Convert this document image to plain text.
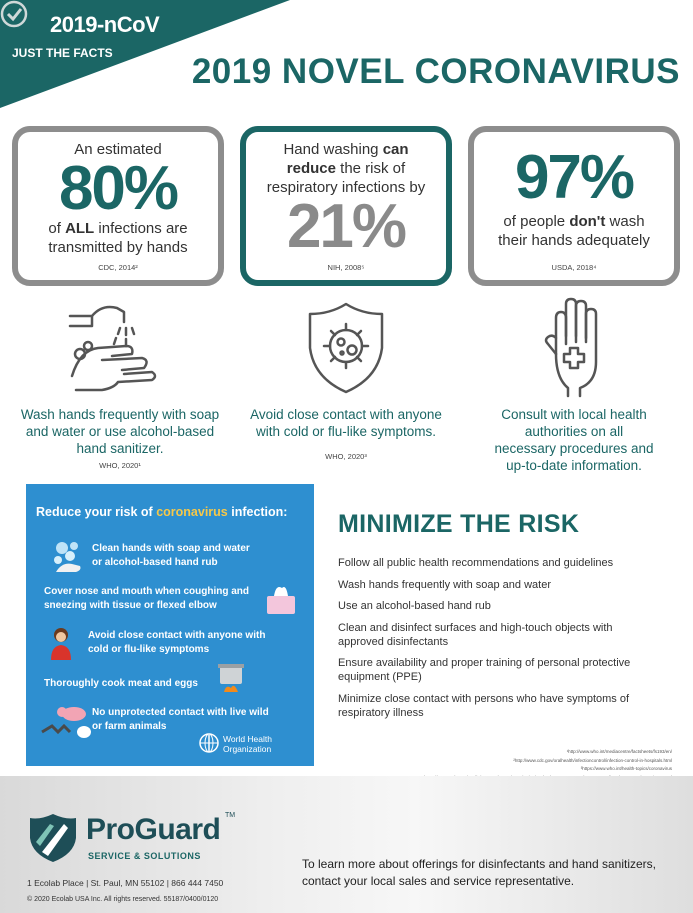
2019-nCoV
JUST THE FACTS	2019 NOVEL CORONAVIRUS
An estimated
80%
of ALL infections are
transmitted by hands
CDC, 2014²
Hand washing can
reduce the risk of
respiratory infections by
21%
NIH, 2008⁵
97%
of people don't wash
their hands adequately
USDA, 2018⁴
Wash hands frequently with soap
and water or use alcohol-based
hand sanitizer.
WHO, 2020¹
Avoid close contact with anyone
with cold or flu-like symptoms.
WHO, 2020³
Consult with local health
authorities on all
necessary procedures and
up-to-date information.
Reduce your risk of coronavirus infection:
Clean hands with soap and water
or alcohol-based hand rub
Cover nose and mouth when coughing and
sneezing with tissue or flexed elbow
Avoid close contact with anyone with
cold or flu-like symptoms
Thoroughly cook meat and eggs
No unprotected contact with live wild
or farm animals
World Health
Organization
MINIMIZE THE RISK
Follow all public health recommendations and guidelines
Wash hands frequently with soap and water
Use an alcohol-based hand rub
Clean and disinfect surfaces and high-touch objects with approved disinfectants
Ensure availability and proper training of personal protective equipment (PPE)
Minimize close contact with persons who have symptoms of respiratory illness
¹http://www.who.int/mediacentre/factsheets/fs193/en/
²http://www.cdc.gov/oralhealth/infectioncontrol/infection-control-in-hospitals.html
³https://www.who.int/health-topics/coronavirus
ProGuard TM
SERVICE & SOLUTIONS
1 Ecolab Place | St. Paul, MN 55102 | 866 444 7450
© 2020 Ecolab USA Inc. All rights reserved. 55187/0400/0120
To learn more about offerings for disinfectants and hand sanitizers,
contact your local sales and service representative.
